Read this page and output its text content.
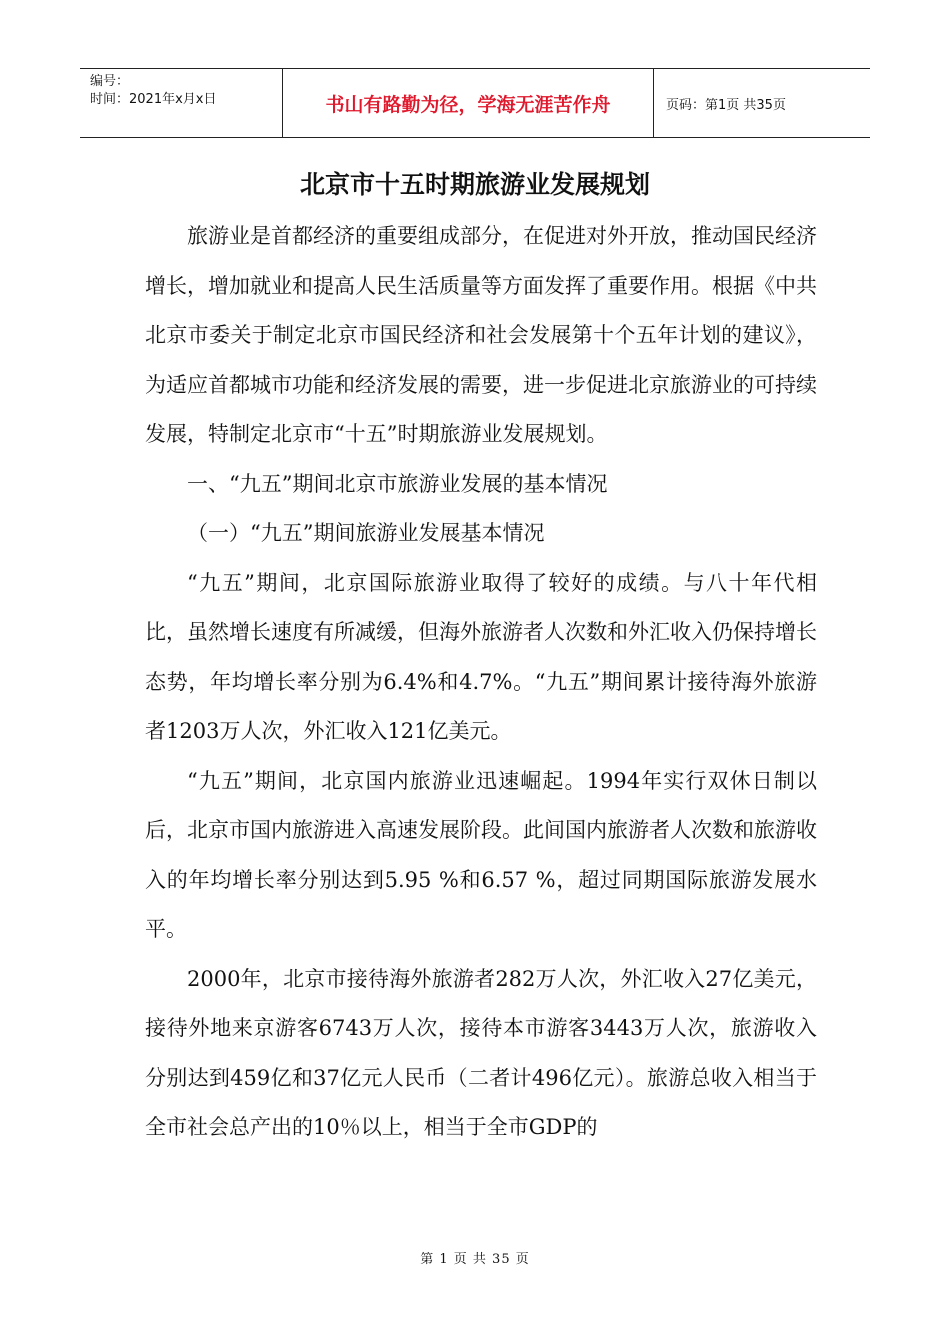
编号：
时间：2021年x月x日	书山有路勤为径，学海无涯苦作舟	页码：第1页 共35页
北京市十五时期旅游业发展规划

旅游业是首都经济的重要组成部分，在促进对外开放，推动国民经济增长，增加就业和提高人民生活质量等方面发挥了重要作用。根据《中共北京市委关于制定北京市国民经济和社会发展第十个五年计划的建议》，为适应首都城市功能和经济发展的需要，进一步促进北京旅游业的可持续发展，特制定北京市“十五”时期旅游业发展规划。

一、“九五”期间北京市旅游业发展的基本情况

（一）“九五”期间旅游业发展基本情况

“九五”期间，北京国际旅游业取得了较好的成绩。与八十年代相比，虽然增长速度有所减缓，但海外旅游者人次数和外汇收入仍保持增长态势，年均增长率分别为6.4%和4.7%。“九五”期间累计接待海外旅游者1203万人次，外汇收入121亿美元。

“九五”期间，北京国内旅游业迅速崛起。1994年实行双休日制以后，北京市国内旅游进入高速发展阶段。此间国内旅游者人次数和旅游收入的年均增长率分别达到5.95 %和6.57 %，超过同期国际旅游发展水平。

2000年，北京市接待海外旅游者282万人次，外汇收入27亿美元，接待外地来京游客6743万人次，接待本市游客3443万人次，旅游收入分别达到459亿和37亿元人民币（二者计496亿元）。旅游总收入相当于全市社会总产出的10％以上，相当于全市GDP的

第 1 页 共 35 页
